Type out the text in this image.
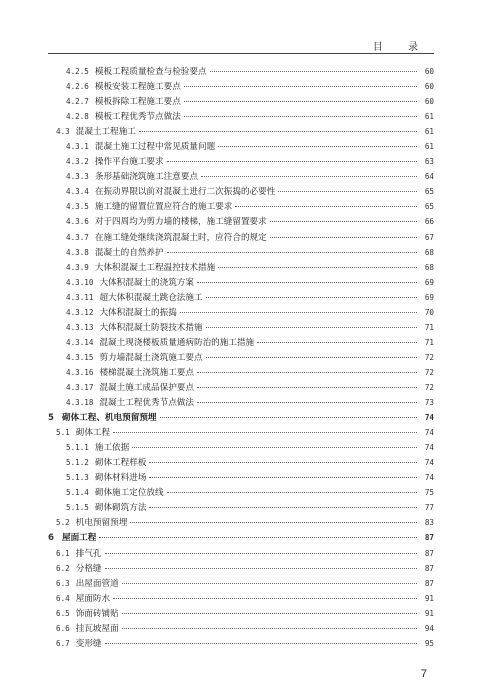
目 录
4.2.5 模板工程质量检查与检验要点	60
4.2.6 模板安装工程施工要点	60
4.2.7 模板拆除工程施工要点	60
4.2.8 模板工程优秀节点做法	61
4.3 混凝土工程施工	61
4.3.1 混凝土施工过程中常见质量问题	61
4.3.2 操作平台施工要求	63
4.3.3 条形基础浇筑施工注意要点	64
4.3.4 在振动界限以前对混凝土进行二次振捣的必要性	65
4.3.5 施工缝的留置位置应符合的施工要求	65
4.3.6 对于四周均为剪力墙的楼梯，施工缝留置要求	66
4.3.7 在施工缝处继续浇筑混凝土时，应符合的规定	67
4.3.8 混凝土的自然养护	68
4.3.9 大体积混凝土工程温控技术措施	68
4.3.10 大体积混凝土的浇筑方案	69
4.3.11 超大体积混凝土跳仓法施工	69
4.3.12 大体积混凝土的振捣	70
4.3.13 大体积混凝土防裂技术措施	71
4.3.14 混凝土现浇楼板质量通病防治的施工措施	71
4.3.15 剪力墙混凝土浇筑施工要点	72
4.3.16 楼梯混凝土浇筑施工要点	72
4.3.17 混凝土施工成品保护要点	72
4.3.18 混凝土工程优秀节点做法	73
5 砌体工程、机电预留预埋	74
5.1 砌体工程	74
5.1.1 施工依据	74
5.1.2 砌体工程样板	74
5.1.3 砌体材料进场	74
5.1.4 砌体施工定位放线	75
5.1.5 砌体砌筑方法	77
5.2 机电预留预埋	83
6 屋面工程	87
6.1 排气孔	87
6.2 分格缝	87
6.3 出屋面管道	87
6.4 屋面防水	91
6.5 饰面砖铺贴	91
6.6 挂瓦坡屋面	94
6.7 变形缝	95
7
